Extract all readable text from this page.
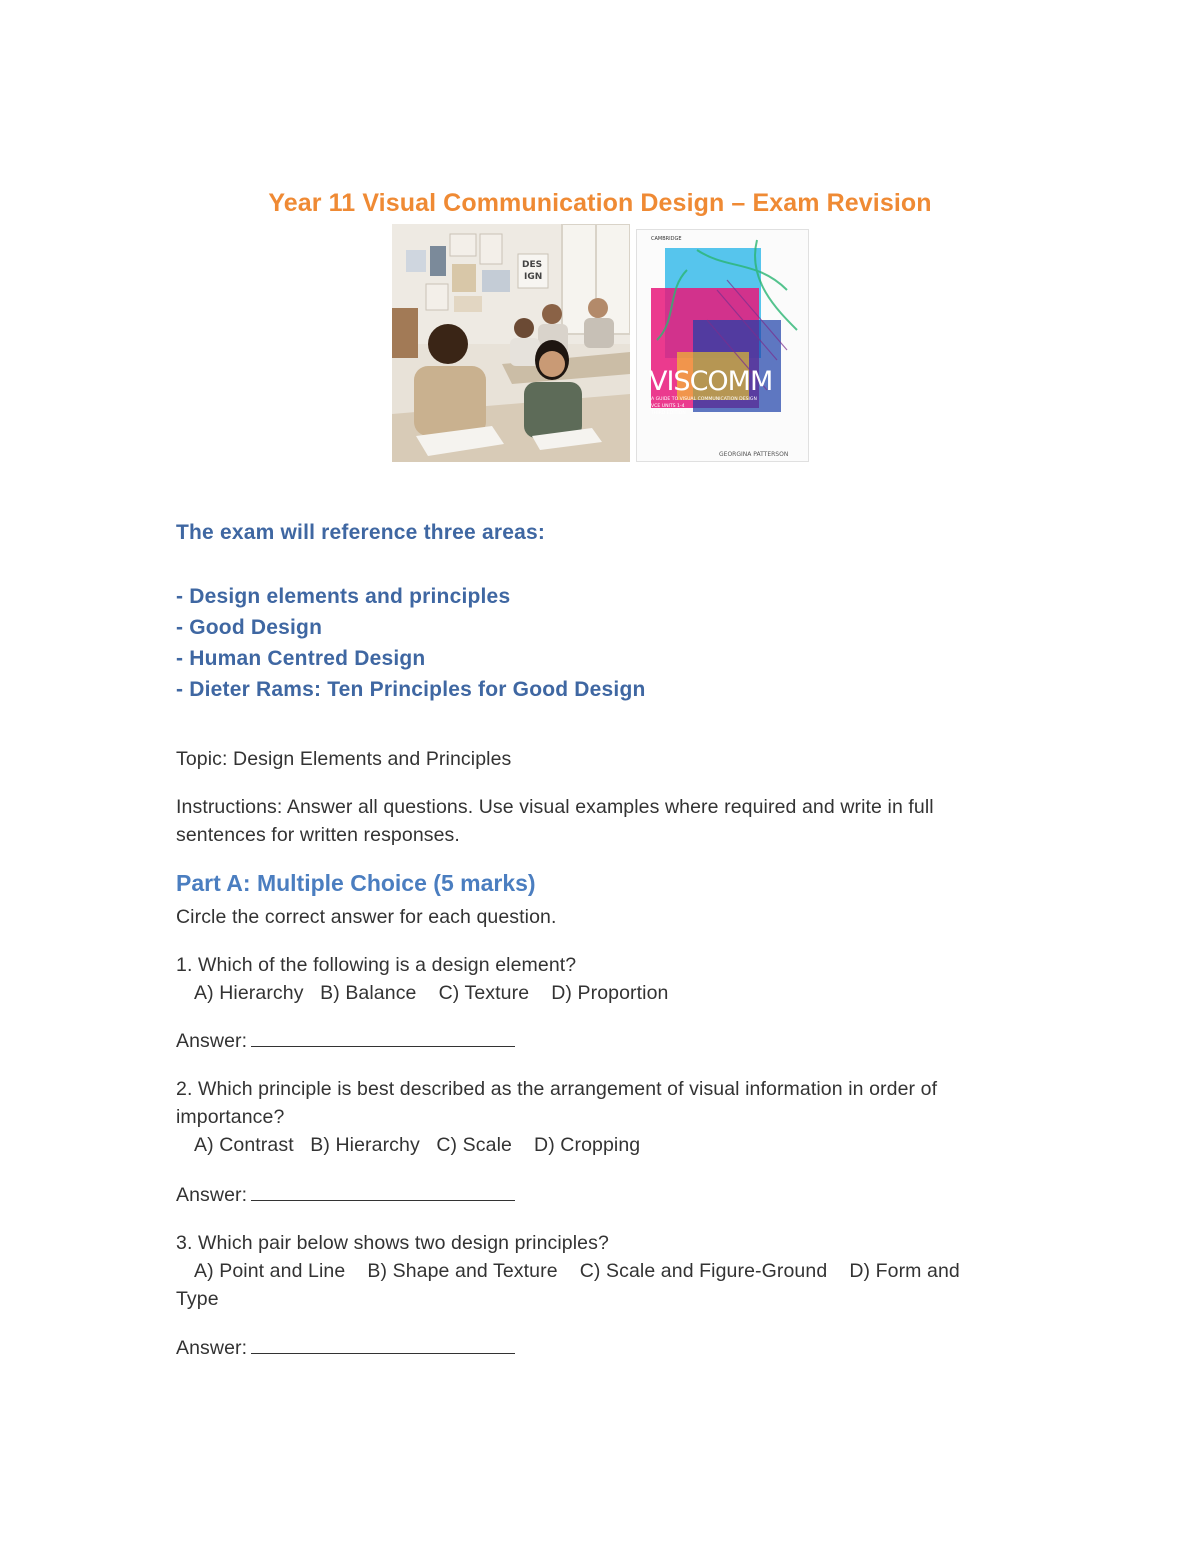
Year 11 Visual Communication Design – Exam Revision
DES
IGN
CAMBRIDGE
VISCOMM
A GUIDE TO VISUAL COMMUNICATION DESIGN
VCE UNITS 1-4
THIRD EDITION
GEORGINA PATTERSON
The exam will reference three areas:
- Design elements and principles
- Good Design
- Human Centred Design
- Dieter Rams: Ten Principles for Good Design
Topic: Design Elements and Principles
Instructions: Answer all questions. Use visual examples where required and write in full
sentences for written responses.
Part A: Multiple Choice (5 marks)
Circle the correct answer for each question.
1. Which of the following is a design element?
A) Hierarchy   B) Balance    C) Texture    D) Proportion
Answer:
2. Which principle is best described as the arrangement of visual information in order of
importance?
A) Contrast   B) Hierarchy   C) Scale    D) Cropping
Answer:
3. Which pair below shows two design principles?
A) Point and Line    B) Shape and Texture    C) Scale and Figure-Ground    D) Form and
Type
Answer:
